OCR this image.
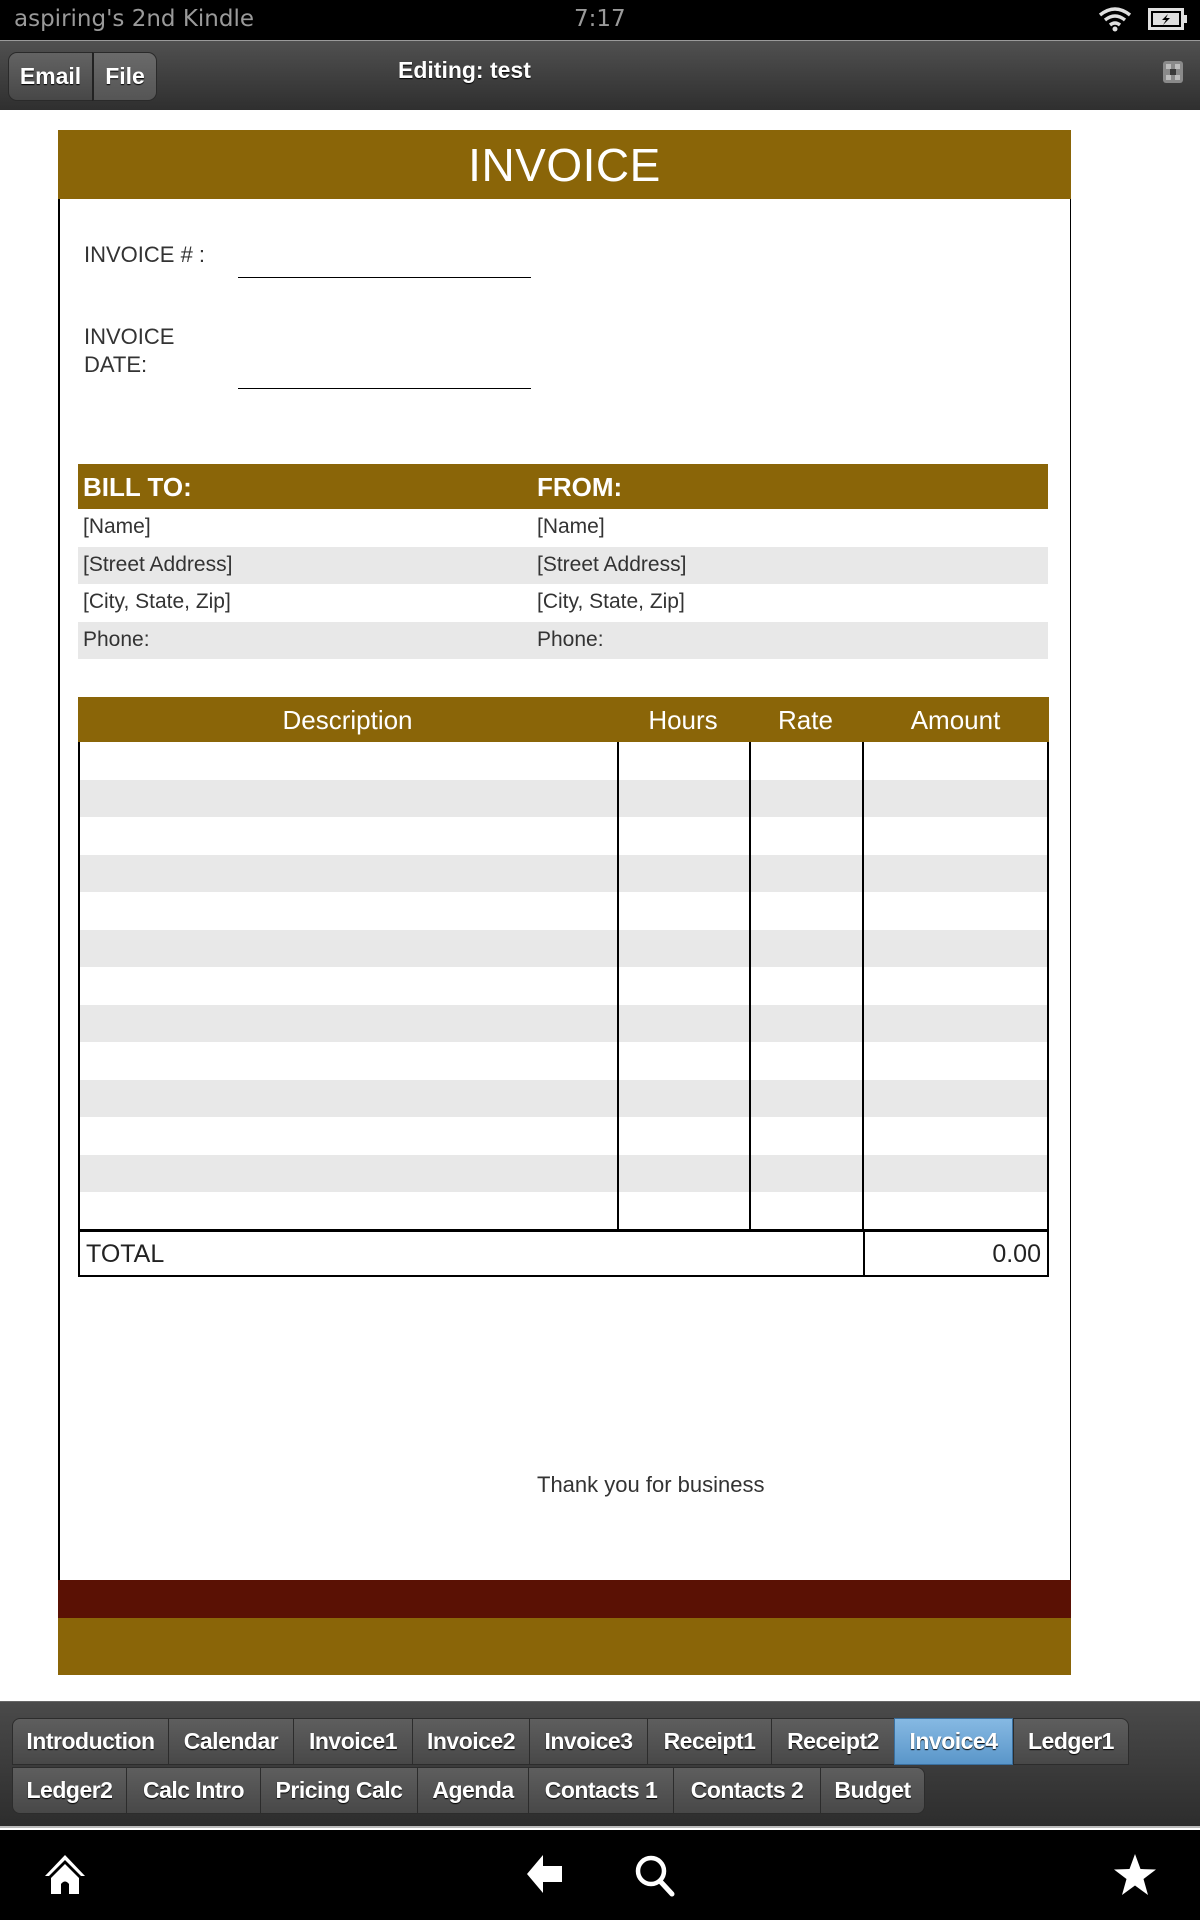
aspiring's 2nd Kindle	7:17
Email	File	Editing: test
INVOICE
INVOICE # :
INVOICE
DATE:
BILL TO:	FROM:
[Name]	[Name]
[Street Address]	[Street Address]
[City, State, Zip]	[City, State, Zip]
Phone:	Phone:
Description	Hours	Rate	Amount
TOTAL	0.00
Thank you for business
Introduction	Calendar	Invoice1	Invoice2	Invoice3	Receipt1	Receipt2	Invoice4	Ledger1
Ledger2	Calc Intro	Pricing Calc	Agenda	Contacts 1	Contacts 2	Budget
